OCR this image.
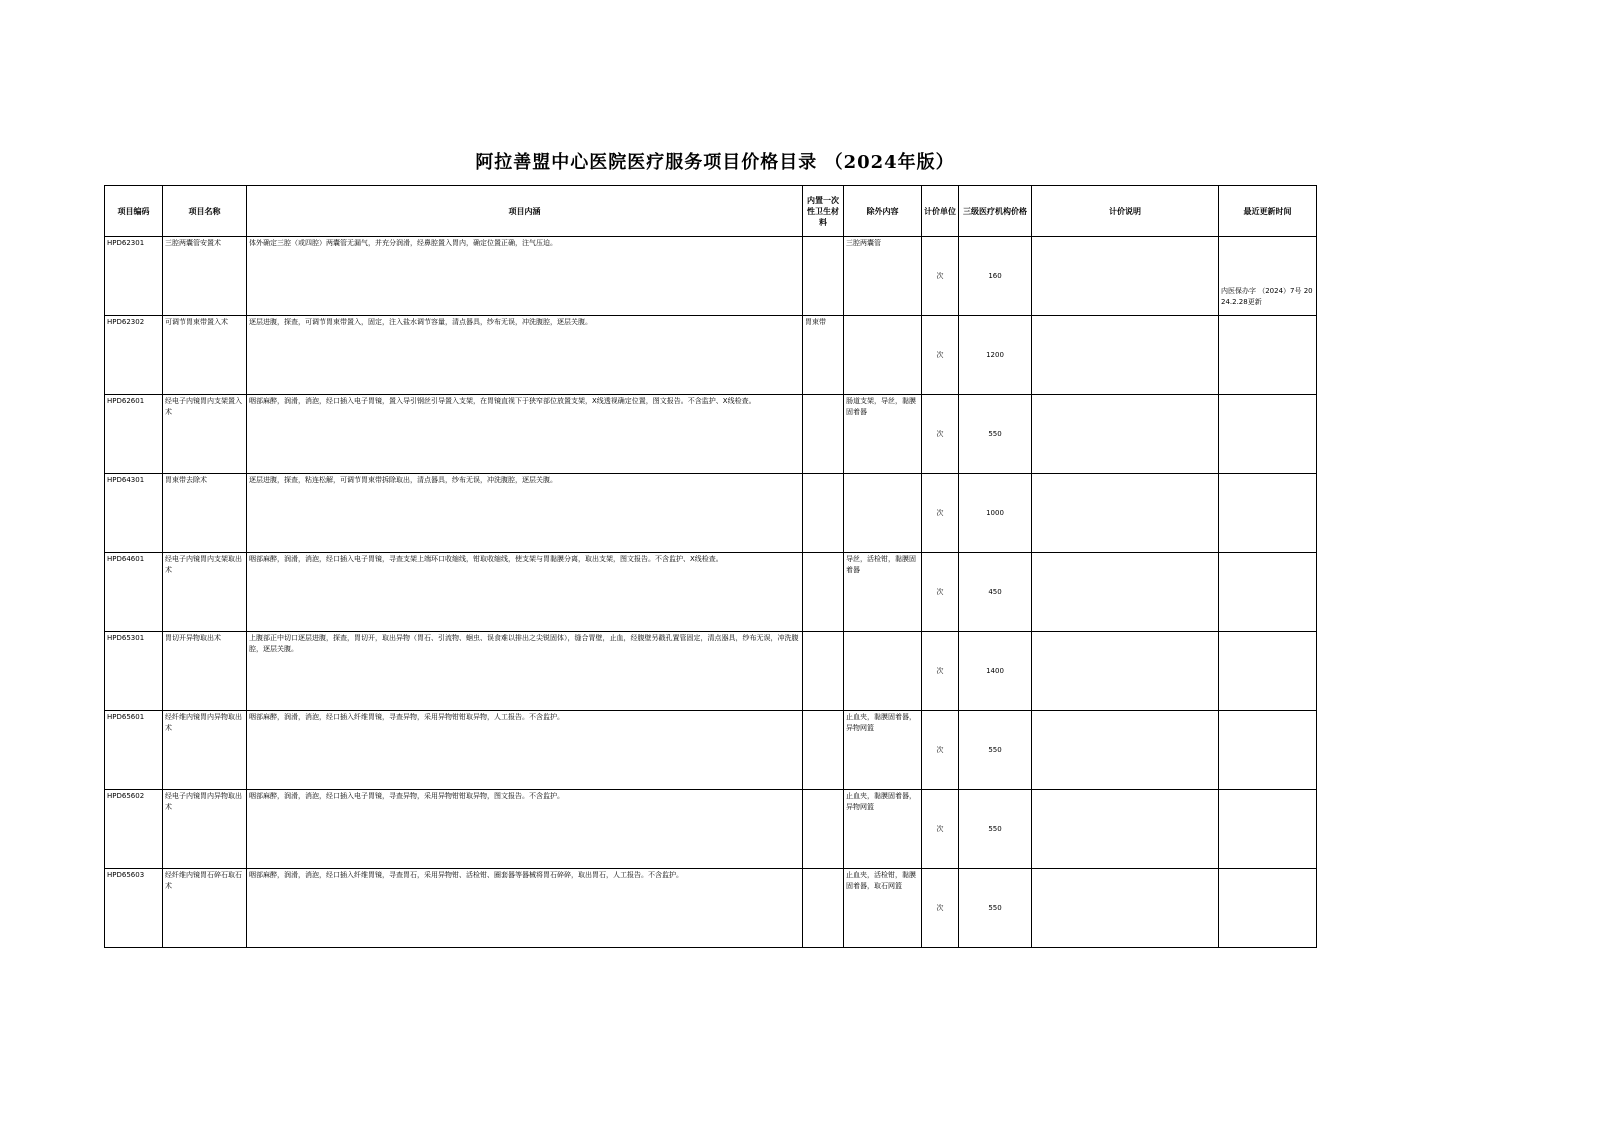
阿拉善盟中心医院医疗服务项目价格目录 （2024年版）
项目编码	项目名称	项目内涵	内置一次性卫生材料	除外内容	计价单位	三级医疗机构价格	计价说明	最近更新时间
HPD62301	三腔两囊管安置术	体外确定三腔（或四腔）两囊管无漏气，并充分润滑，经鼻腔置入胃内，确定位置正确，注气压迫。		三腔两囊管	次	160		内医保办字 （2024）7号 2024.2.28更新

HPD62302	可调节胃束带置入术	逐层进腹，探查，可调节胃束带置入，固定，注入盐水调节容量，清点器具，纱布无误，冲洗腹腔，逐层关腹。	胃束带		次	1200		
HPD62601	经电子内镜胃内支架置入术	咽部麻醉，润滑，消泡，经口插入电子胃镜，置入导引钢丝引导置入支架，在胃镜直视下于狭窄部位放置支架，X线透视确定位置，图文报告。不含监护、X线检查。		肠道支架，导丝，黏膜固着器	次	550		
HPD64301	胃束带去除术	逐层进腹，探查，粘连松解，可调节胃束带拆除取出，清点器具，纱布无误，冲洗腹腔，逐层关腹。			次	1000		
HPD64601	经电子内镜胃内支架取出术	咽部麻醉，润滑，消泡，经口插入电子胃镜，寻查支架上端环口收缩线，钳取收缩线，使支架与胃黏膜分离，取出支架，图文报告。不含监护、X线检查。		导丝，活检钳，黏膜固着器	次	450		
HPD65301	胃切开异物取出术	上腹部正中切口逐层进腹，探查，胃切开，取出异物（胃石、引流物、蛔虫、误食难以排出之尖锐固体），缝合胃壁，止血，经腹壁另戳孔置管固定，清点器具，纱布无误，冲洗腹腔，逐层关腹。			次	1400		
HPD65601	经纤维内镜胃内异物取出术	咽部麻醉，润滑，消泡，经口插入纤维胃镜，寻查异物，采用异物钳钳取异物，人工报告。不含监护。		止血夹，黏膜固着器，异物网篮	次	550		
HPD65602	经电子内镜胃内异物取出术	咽部麻醉，润滑，消泡，经口插入电子胃镜，寻查异物，采用异物钳钳取异物，图文报告。不含监护。		止血夹，黏膜固着器，异物网篮	次	550		
HPD65603	经纤维内镜胃石碎石取石术	咽部麻醉，润滑，消泡，经口插入纤维胃镜，寻查胃石，采用异物钳、活检钳、圈套器等器械将胃石碎碎，取出胃石，人工报告。不含监护。		止血夹，活检钳，黏膜固着器，取石网篮	次	550		
